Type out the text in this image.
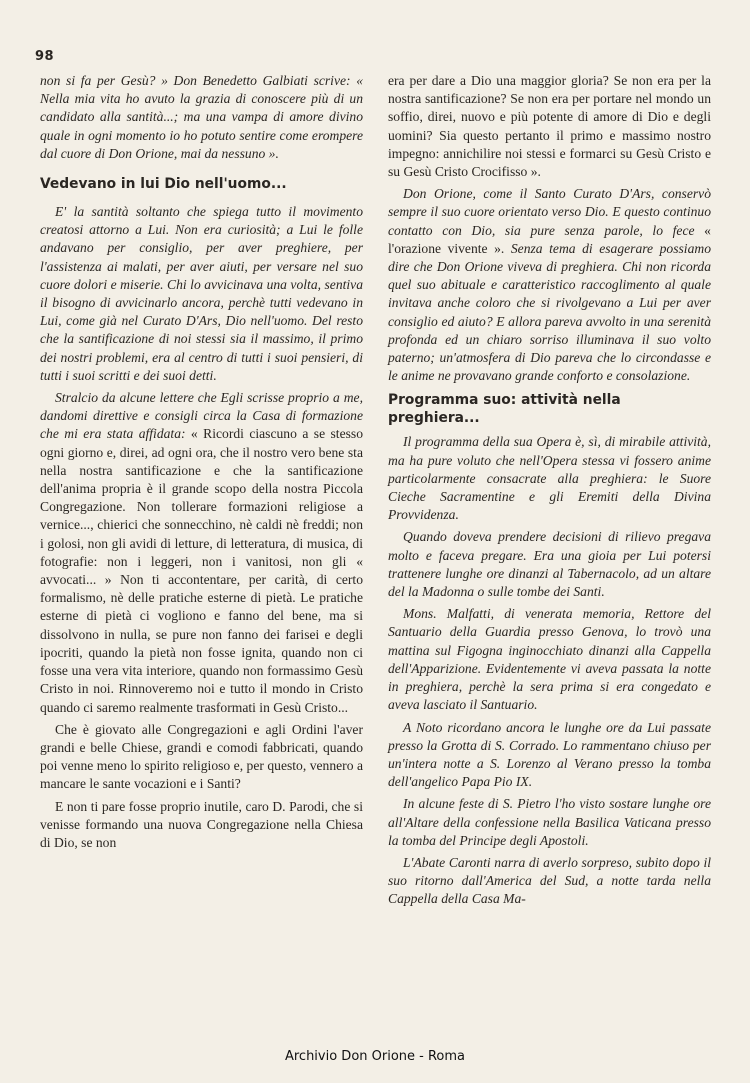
98

non si fa per Gesù? » Don Benedetto Galbiati scrive: « Nella mia vita ho avuto la grazia di conoscere più di un candidato alla santità...; ma una vampa di amore divino quale in ogni momento io ho potuto sentire come erompere dal cuore di Don Orione, mai da nessuno ».

Vedevano in lui Dio nell'uomo...

E' la santità soltanto che spiega tutto il movimento creatosi attorno a Lui. Non era curiosità; a Lui le folle andavano per consiglio, per aver preghiere, per l'assistenza ai malati, per aver aiuti, per versare nel suo cuore dolori e miserie. Chi lo avvicinava una volta, sentiva il bisogno di avvicinarlo ancora, perchè tutti vedevano in Lui, come già nel Curato D'Ars, Dio nell'uomo. Del resto che la santificazione di noi stessi sia il massimo, il primo dei nostri problemi, era al centro di tutti i suoi pensieri, di tutti i suoi scritti e dei suoi detti.

Stralcio da alcune lettere che Egli scrisse proprio a me, dandomi direttive e consigli circa la Casa di formazione che mi era stata affidata: « Ricordi ciascuno a se stesso ogni giorno e, direi, ad ogni ora, che il nostro vero bene sta nella nostra santificazione e che la santificazione dell'anima propria è il grande scopo della nostra Piccola Congregazione. Non tollerare formazioni religiose a vernice..., chierici che sonnecchino, nè caldi nè freddi; non i golosi, non gli avidi di letture, di letteratura, di musica, di fotografie: non i leggeri, non i vanitosi, non gli « avvocati... » Non ti accontentare, per carità, di certo formalismo, nè delle pratiche esterne di pietà. Le pratiche esterne di pietà ci vogliono e fanno del bene, ma si dissolvono in nulla, se pure non fanno dei farisei e degli ipocriti, quando la pietà non fosse ignita, quando non ci fosse una vera vita interiore, quando non formassimo Gesù Cristo in noi. Rinnoveremo noi e tutto il mondo in Cristo quando ci saremo realmente trasformati in Gesù Cristo...

Che è giovato alle Congregazioni e agli Ordini l'aver grandi e belle Chiese, grandi e comodi fabbricati, quando poi venne meno lo spirito religioso e, per questo, vennero a mancare le sante vocazioni e i Santi?

E non ti pare fosse proprio inutile, caro D. Parodi, che si venisse formando una nuova Congregazione nella Chiesa di Dio, se non

era per dare a Dio una maggior gloria? Se non era per la nostra santificazione? Se non era per portare nel mondo un soffio, direi, nuovo e più potente di amore di Dio e degli uomini? Sia questo pertanto il primo e massimo nostro impegno: annichilire noi stessi e formarci su Gesù Cristo e su Gesù Cristo Crocifisso ».

Don Orione, come il Santo Curato D'Ars, conservò sempre il suo cuore orientato verso Dio. E questo continuo contatto con Dio, sia pure senza parole, lo fece « l'orazione vivente ». Senza tema di esagerare possiamo dire che Don Orione viveva di preghiera. Chi non ricorda quel suo abituale e caratteristico raccoglimento al quale invitava anche coloro che si rivolgevano a Lui per aver consiglio ed aiuto? E allora pareva avvolto in una serenità profonda ed un chiaro sorriso illuminava il suo volto paterno; un'atmosfera di Dio pareva che lo circondasse e le anime ne provavano grande conforto e consolazione.

Programma suo: attività nella preghiera...

Il programma della sua Opera è, sì, di mirabile attività, ma ha pure voluto che nell'Opera stessa vi fossero anime particolarmente consacrate alla preghiera: le Suore Cieche Sacramentine e gli Eremiti della Divina Provvidenza.

Quando doveva prendere decisioni di rilievo pregava molto e faceva pregare. Era una gioia per Lui potersi trattenere lunghe ore dinanzi al Tabernacolo, ad un altare del la Madonna o sulle tombe dei Santi.

Mons. Malfatti, di venerata memoria, Rettore del Santuario della Guardia presso Genova, lo trovò una mattina sul Figogna inginocchiato dinanzi alla Cappella dell'Apparizione. Evidentemente vi aveva passata la notte in preghiera, perchè la sera prima si era congedato e aveva lasciato il Santuario.

A Noto ricordano ancora le lunghe ore da Lui passate presso la Grotta di S. Corrado. Lo rammentano chiuso per un'intera notte a S. Lorenzo al Verano presso la tomba dell'angelico Papa Pio IX.

In alcune feste di S. Pietro l'ho visto sostare lunghe ore all'Altare della confessione nella Basilica Vaticana presso la tomba del Principe degli Apostoli.

L'Abate Caronti narra di averlo sorpreso, subito dopo il suo ritorno dall'America del Sud, a notte tarda nella Cappella della Casa Ma-

Archivio Don Orione - Roma
